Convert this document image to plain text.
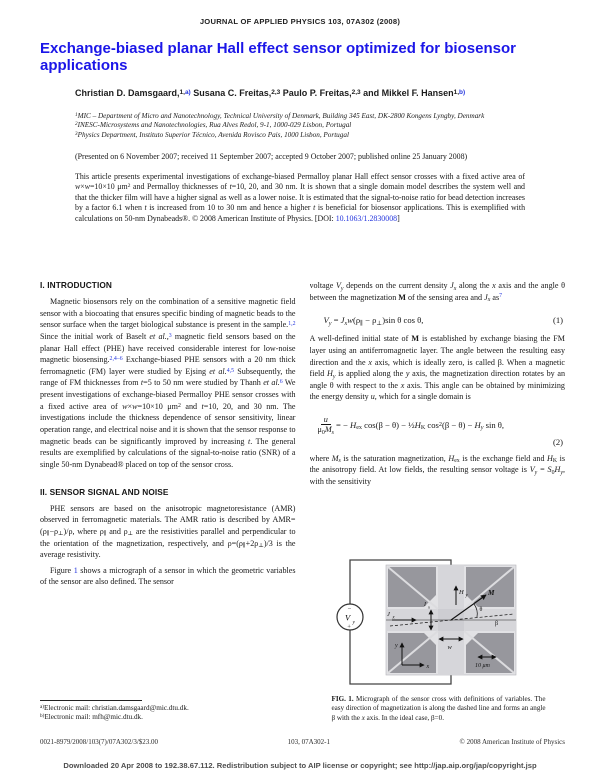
JOURNAL OF APPLIED PHYSICS 103, 07A302 (2008)
Exchange-biased planar Hall effect sensor optimized for biosensor applications
Christian D. Damsgaard,$^{1,a)}$ Susana C. Freitas,$^{2,3}$ Paulo P. Freitas,$^{2,3}$ and Mikkel F. Hansen$^{1,b)}$
$^1$MIC – Department of Micro and Nanotechnology, Technical University of Denmark, Building 345 East, DK-2800 Kongens Lyngby, Denmark
$^2$INESC-Microsystems and Nanotechnologies, Rua Alves Redol, 9-1, 1000-029 Lisbon, Portugal
$^3$Physics Department, Instituto Superior Técnico, Avenida Rovisco Pais, 1000 Lisbon, Portugal
(Presented on 6 November 2007; received 11 September 2007; accepted 9 October 2007; published online 25 January 2008)
This article presents experimental investigations of exchange-biased Permalloy planar Hall effect sensor crosses with a fixed active area of w×w=10×10 $\mu m^2$ and Permalloy thicknesses of t=10, 20, and 30 nm. It is shown that a single domain model describes the system well and that the thicker film will have a higher signal as well as a lower noise. It is estimated that the signal-to-noise ratio for bead detection increases by a factor 6.1 when t is increased from 10 to 30 nm and hence a higher t is beneficial for biosensor applications. This is exemplified with calculations on 50-nm Dynabeads®. © 2008 American Institute of Physics. [DOI: 10.1063/1.2830008]
I. INTRODUCTION

Magnetic biosensors rely on the combination of a sensitive magnetic field sensor with a biocoating that ensures specific binding of magnetic beads to the sensor surface when the target biological substance is present in the sample.$^{1,2}$ Since the initial work of Baselt et al.,$^3$ magnetic field sensors based on the planar Hall effect (PHE) have received considerable interest for low-noise magnetic biosensing.$^{2,4-6}$ Exchange-biased PHE sensors with a 20 nm thick ferromagnetic (FM) layer were studied by Ejsing et al.$^{4,5}$ Subsequently, the range of FM thicknesses from t=5 to 50 nm were studied by Thanh et al.$^6$ We present investigations of exchange-biased Permalloy PHE sensor crosses with a fixed active area of w×w=10×10 $\mu m^2$ and t=10, 20, and 30 nm. The investigations include the thickness dependence of sensor sensitivity, linear operation range, and electrical noise and it is shown that the sensor response to magnetic beads can be significantly improved by increasing t. The general results are exemplified by calculations of the signal-to-noise ratio (SNR) of a single 50-nm Dynabead® placed on top of the sensor cross.

II. SENSOR SIGNAL AND NOISE

PHE sensors are based on the anisotropic magnetoresistance (AMR) observed in ferromagnetic materials. The AMR ratio is described by AMR=(ρ∥−ρ⊥)/ρ, where ρ∥ and ρ⊥ are the resistivities parallel and perpendicular to the orientation of the magnetization, respectively, and ρ=(ρ∥+2ρ⊥)/3 is the average resistivity.

Figure 1 shows a micrograph of a sensor in which the geometric variables of the sensor are also defined. The sensor

$^{a)}$Electronic mail: christian.damsgaard@mic.dtu.dk.

$^{b)}$Electronic mail: mfh@mic.dtu.dk.

voltage Vy depends on the current density Jx along the x axis and the angle θ between the magnetization M of the sensing area and Jx $as^7$

Vy = Jxw(ρ∥ − ρ⊥)sin θ cos θ,	(1)

A well-defined initial state of M is established by exchange biasing the FM layer using an antiferromagnetic layer. The angle between the resulting easy direction and the x axis, which is ideally zero, is called β. When a magnetic field Hy is applied along the y axis, the magnetization direction rotates by an angle θ with respect to the x axis. This angle can be obtained by minimizing the energy density u, which for a single domain is

$\frac{u}{\mu 0Ms}$ = − Hex cos(β − θ) − ½HK $\cos^2(\beta - \theta) - Hy$ sin θ,
(2)

where Ms is the saturation magnetization, Hex is the exchange field and HK is the anisotropy field. At low fields, the resulting sensor voltage is Vy = S0Hy, with the sensitivity

V y
−
+
H y	M
θ
β
J x
I x
w
x
y
10 μm

FIG. 1. Micrograph of the sensor cross with definitions of variables. The easy direction of magnetization is along the dashed line and forms an angle β with the x axis. In the ideal case, β=0.

0021-8979/2008/103(7)/07A302/3/$23.00	103, 07A302-1	© 2008 American Institute of Physics
Downloaded 20 Apr 2008 to 192.38.67.112. Redistribution subject to AIP license or copyright; see http://jap.aip.org/jap/copyright.jsp
